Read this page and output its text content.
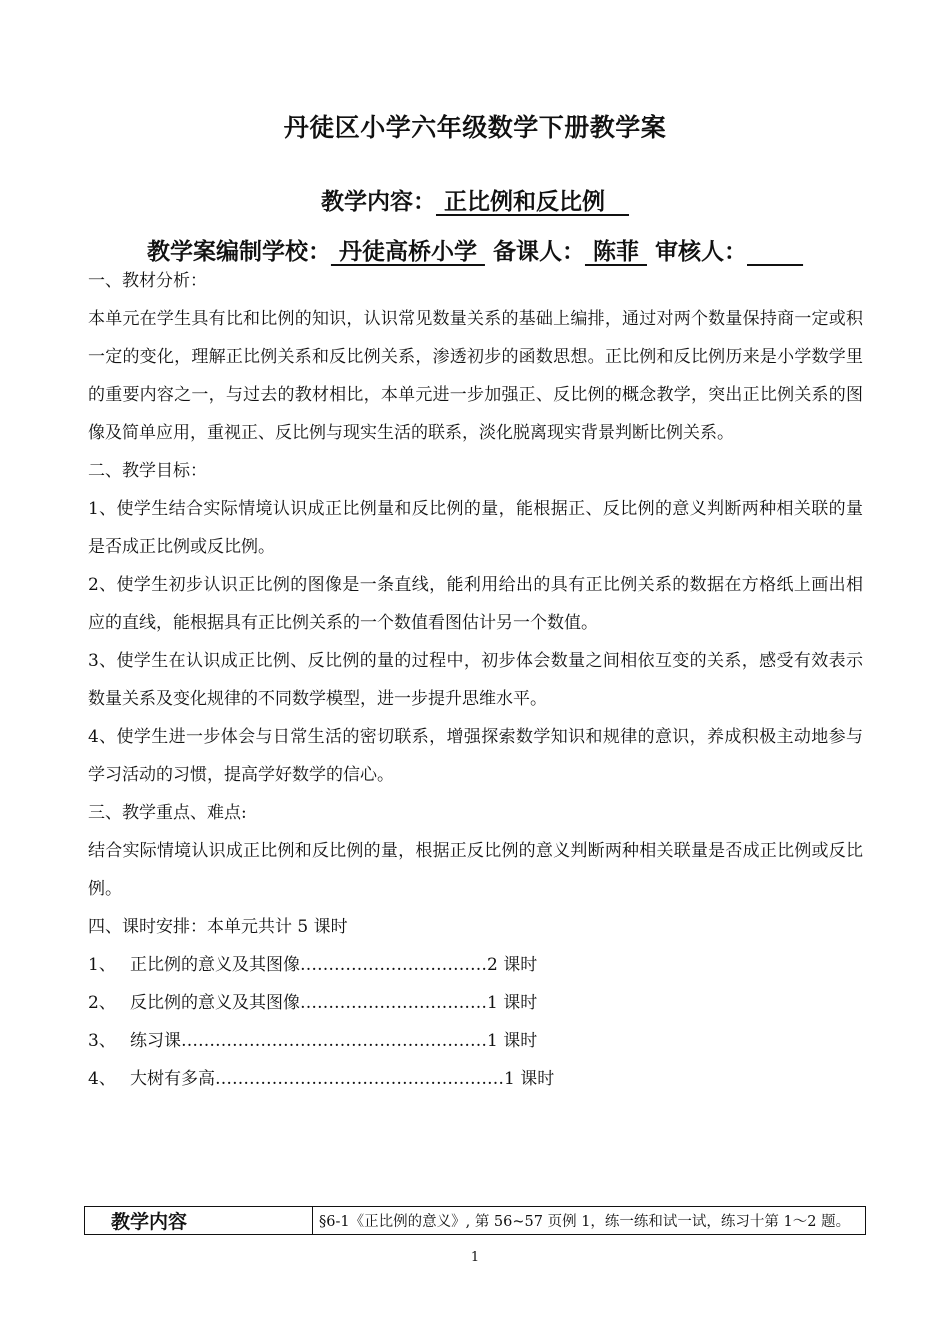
丹徒区小学六年级数学下册教学案
教学内容： 正比例和反比例
教学案编制学校： 丹徒高桥小学  备课人： 陈菲  审核人：

一、教材分析：

本单元在学生具有比和比例的知识，认识常见数量关系的基础上编排，通过对两个数量保持商一定或积一定的变化，理解正比例关系和反比例关系，渗透初步的函数思想。正比例和反比例历来是小学数学里的重要内容之一，与过去的教材相比，本单元进一步加强正、反比例的概念教学，突出正比例关系的图像及简单应用，重视正、反比例与现实生活的联系，淡化脱离现实背景判断比例关系。

二、教学目标：

1、使学生结合实际情境认识成正比例量和反比例的量，能根据正、反比例的意义判断两种相关联的量是否成正比例或反比例。

2、使学生初步认识正比例的图像是一条直线，能利用给出的具有正比例关系的数据在方格纸上画出相应的直线，能根据具有正比例关系的一个数值看图估计另一个数值。

3、使学生在认识成正比例、反比例的量的过程中，初步体会数量之间相依互变的关系，感受有效表示数量关系及变化规律的不同数学模型，进一步提升思维水平。

4、使学生进一步体会与日常生活的密切联系，增强探索数学知识和规律的意识，养成积极主动地参与学习活动的习惯，提高学好数学的信心。

三、教学重点、难点:

结合实际情境认识成正比例和反比例的量，根据正反比例的意义判断两种相关联量是否成正比例或反比例。

四、课时安排：本单元共计 5 课时

1、 正比例的意义及其图像……………………………2 课时
2、 反比例的意义及其图像……………………………1 课时
3、 练习课………………………………………………1 课时
4、 大树有多高……………………………………………1 课时
教学内容	§6-1《正比例的意义》, 第 56~57 页例 1，练一练和试一试，练习十第 1～2 题。
1
